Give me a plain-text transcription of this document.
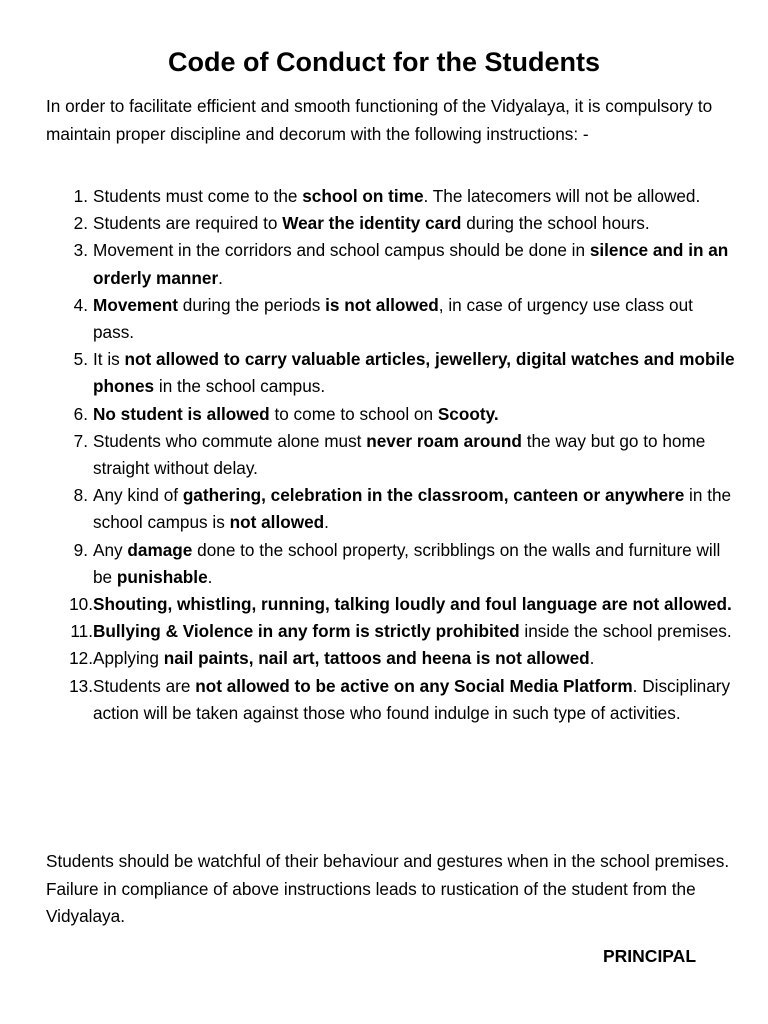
Code of Conduct for the Students

In order to facilitate efficient and smooth functioning of the Vidyalaya, it is compulsory to maintain proper discipline and decorum with the following instructions: -

1. Students must come to the school on time. The latecomers will not be allowed.
2. Students are required to Wear the identity card during the school hours.
3. Movement in the corridors and school campus should be done in silence and in an orderly manner.
4. Movement during the periods is not allowed, in case of urgency use class out pass.
5. It is not allowed to carry valuable articles, jewellery, digital watches and mobile phones in the school campus.
6. No student is allowed to come to school on Scooty.
7. Students who commute alone must never roam around the way but go to home straight without delay.
8. Any kind of gathering, celebration in the classroom, canteen or anywhere in the school campus is not allowed.
9. Any damage done to the school property, scribblings on the walls and furniture will be punishable.
10. Shouting, whistling, running, talking loudly and foul language are not allowed.
11. Bullying & Violence in any form is strictly prohibited inside the school premises.
12. Applying nail paints, nail art, tattoos and heena is not allowed.
13. Students are not allowed to be active on any Social Media Platform. Disciplinary action will be taken against those who found indulge in such type of activities.

Students should be watchful of their behaviour and gestures when in the school premises. Failure in compliance of above instructions leads to rustication of the student from the Vidyalaya.

PRINCIPAL
